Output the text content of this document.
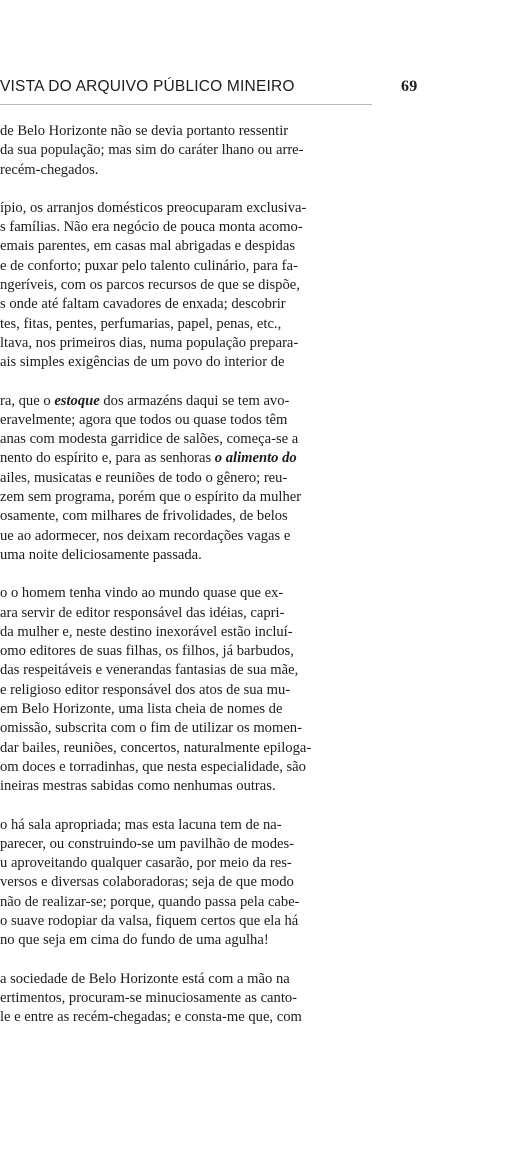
VISTA DO ARQUIVO PÚBLICO MINEIRO	69
de Belo Horizonte não se devia portanto ressentir
da sua população; mas sim do caráter lhano ou arre-
recém-chegados.
ípio, os arranjos domésticos preocuparam exclusiva-
s famílias. Não era negócio de pouca monta acomo-
emais parentes, em casas mal abrigadas e despidas
e de conforto; puxar pelo talento culinário, para fa-
ngeríveis, com os parcos recursos de que se dispõe,
s onde até faltam cavadores de enxada; descobrir
tes, fitas, pentes, perfumarias, papel, penas, etc.,
ltava, nos primeiros dias, numa população prepara-
ais simples exigências de um povo do interior de
ra, que o estoque dos armazéns daqui se tem avo-
eravelmente; agora que todos ou quase todos têm
anas com modesta garridice de salões, começa-se a
nento do espírito e, para as senhoras o alimento do
ailes, musicatas e reuniões de todo o gênero; reu-
zem sem programa, porém que o espírito da mulher
osamente, com milhares de frivolidades, de belos
ue ao adormecer, nos deixam recordações vagas e
uma noite deliciosamente passada.
o o homem tenha vindo ao mundo quase que ex-
ara servir de editor responsável das idéias, capri-
da mulher e, neste destino inexorável estão incluí-
omo editores de suas filhas, os filhos, já barbudos,
das respeitáveis e venerandas fantasias de sua mãe,
e religioso editor responsável dos atos de sua mu-
em Belo Horizonte, uma lista cheia de nomes de
omissão, subscrita com o fim de utilizar os momen-
dar bailes, reuniões, concertos, naturalmente epiloga-
om doces e torradinhas, que nesta especialidade, são
ineiras mestras sabidas como nenhumas outras.
o há sala apropriada; mas esta lacuna tem de na-
parecer, ou construindo-se um pavilhão de modes-
u aproveitando qualquer casarão, por meio da res-
versos e diversas colaboradoras; seja de que modo
não de realizar-se; porque, quando passa pela cabe-
o suave rodopiar da valsa, fiquem certos que ela há
no que seja em cima do fundo de uma agulha!
a sociedade de Belo Horizonte está com a mão na
ertimentos, procuram-se minuciosamente as canto-
le e entre as recém-chegadas; e consta-me que, com
